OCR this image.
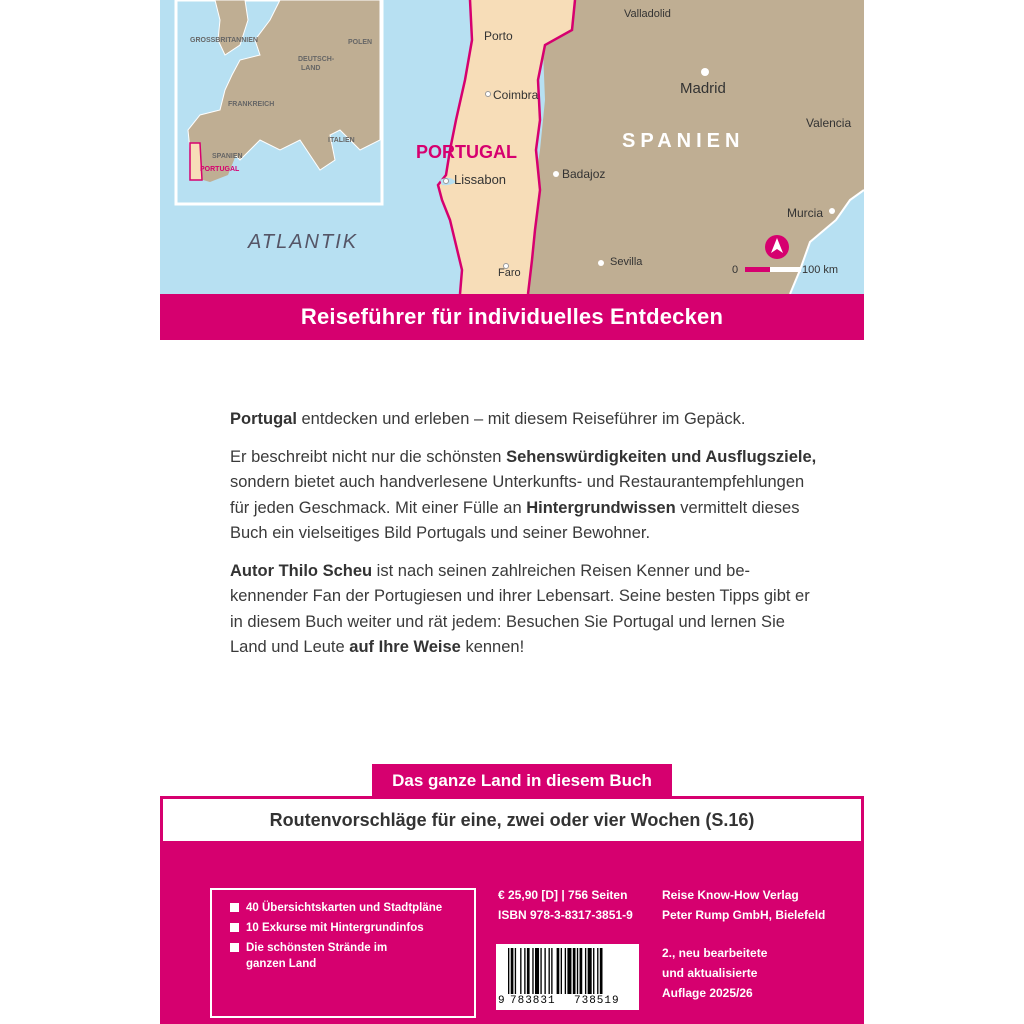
GROSSBRITANNIEN	POLEN
DEUTSCH-
LAND
FRANKREICH
ITALIEN
SPANIEN
PORTUGAL
Valladolid
Porto
Madrid
Coimbra
Valencia
SPANIEN
PORTUGAL
Badajoz
Lissabon
Murcia
ATLANTIK
Sevilla
Faro	0	100 km
Reiseführer für individuelles Entdecken

Portugal entdecken und erleben – mit diesem Reiseführer im Gepäck.

Er beschreibt nicht nur die schönsten Sehenswürdigkeiten und Ausflugsziele, sondern bietet auch handverlesene Unterkunfts- und Restaurantempfehlungen für jeden Geschmack. Mit einer Fülle an Hintergrundwissen vermittelt dieses Buch ein vielseitiges Bild Portugals und seiner Bewohner.

Autor Thilo Scheu ist nach seinen zahlreichen Reisen Kenner und bekennender Fan der Portugiesen und ihrer Lebensart. Seine besten Tipps gibt er in diesem Buch weiter und rät jedem: Besuchen Sie Portugal und lernen Sie Land und Leute auf Ihre Weise kennen!

Das ganze Land in diesem Buch
Routenvorschläge für eine, zwei oder vier Wochen (S.16)
40 Übersichtskarten und Stadtpläne
10 Exkurse mit Hintergrundinfos
Die schönsten Strände im ganzen Land
€ 25,90 [D] | 756 Seiten
ISBN 978-3-8317-3851-9
Reise Know-How Verlag
Peter Rump GmbH, Bielefeld
2., neu bearbeitete
und aktualisierte
Auflage 2025/26
9 783831 738519
